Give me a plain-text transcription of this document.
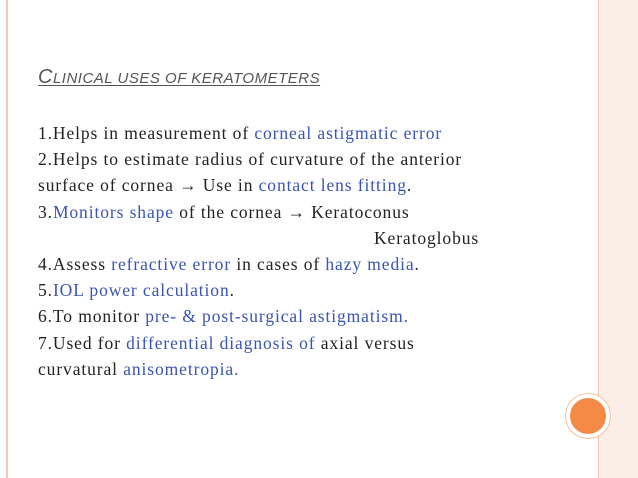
CLINICAL USES OF KERATOMETERS
1.Helps in measurement of corneal astigmatic error
2.Helps to estimate radius of curvature of the anterior
surface of cornea → Use in contact lens fitting.
3.Monitors shape of the cornea → Keratoconus
Keratoglobus
4.Assess refractive error in cases of hazy media.
5.IOL power calculation.
6.To monitor pre- & post-surgical astigmatism.
7.Used for differential diagnosis of axial versus
curvatural anisometropia.
